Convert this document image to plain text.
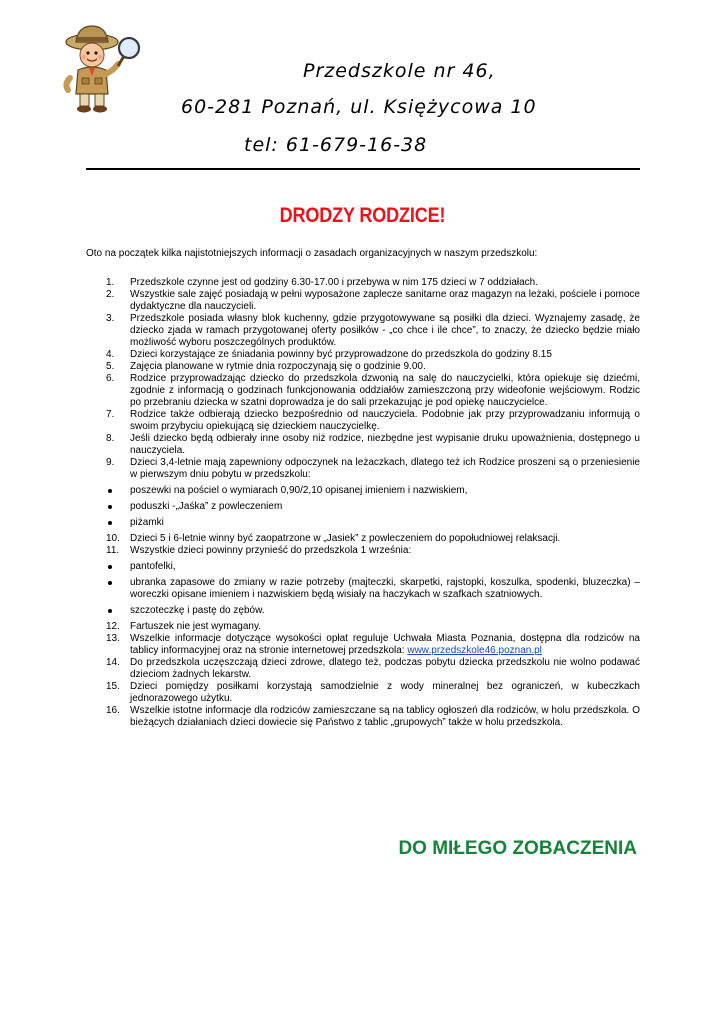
Przedszkole nr 46,
60-281 Poznań, ul. Księżycowa 10
tel: 61-679-16-38
DRODZY RODZICE!
Oto na początek kilka najistotniejszych informacji o zasadach organizacyjnych w naszym przedszkolu:

1. Przedszkole czynne jest od godziny 6.30-17.00 i przebywa w nim 175 dzieci w 7 oddziałach.

2. Wszystkie sale zajęć posiadają w pełni wyposażone zaplecze sanitarne oraz magazyn na leżaki, pościele i pomoce dydaktyczne dla nauczycieli.

3. Przedszkole posiada własny blok kuchenny, gdzie przygotowywane są posiłki dla dzieci. Wyznajemy zasadę, że dziecko zjada w ramach przygotowanej oferty posiłków - „co chce i ile chce”, to znaczy, że dziecko będzie miało możliwość wyboru poszczególnych produktów.

4. Dzieci korzystające ze śniadania powinny być przyprowadzone do przedszkola do godziny 8.15

5. Zajęcia planowane w rytmie dnia rozpoczynają się o godzinie 9.00.

6. Rodzice przyprowadzając dziecko do przedszkola dzwonią na salę do nauczycielki, która opiekuje się dziećmi, zgodnie z informacją o godzinach funkcjonowania oddziałów zamieszczoną przy wideofonie wejściowym. Rodzic po przebraniu dziecka w szatni doprowadza je do sali przekazując je pod opiekę nauczycielce.

7. Rodzice także odbierają dziecko bezpośrednio od nauczyciela. Podobnie jak przy przyprowadzaniu informują o swoim przybyciu opiekującą się dzieckiem nauczycielkę.

8. Jeśli dziecko będą odbierały inne osoby niż rodzice, niezbędne jest wypisanie druku upoważnienia, dostępnego u nauczyciela.

9. Dzieci 3,4-letnie mają zapewniony odpoczynek na leżaczkach, dlatego też ich Rodzice proszeni są o przeniesienie w pierwszym dniu pobytu w przedszkolu:

poszewki na pościel o wymiarach 0,90/2,10 opisanej imieniem i nazwiskiem,

poduszki -„Jaśka” z powleczeniem

piżamki

10. Dzieci 5 i 6-letnie winny być zaopatrzone w „Jasiek” z powleczeniem do popołudniowej relaksacji.

11. Wszystkie dzieci powinny przynieść do przedszkola 1 września:

pantofelki,

ubranka zapasowe do zmiany w razie potrzeby (majteczki, skarpetki, rajstopki, koszulka, spodenki, bluzeczka) – woreczki opisane imieniem i nazwiskiem będą wisiały na haczykach w szafkach szatniowych.

szczoteczkę i pastę do zębów.

12. Fartuszek nie jest wymagany.

13. Wszelkie informacje dotyczące wysokości opłat reguluje Uchwała Miasta Poznania, dostępna dla rodziców na tablicy informacyjnej oraz na stronie internetowej przedszkola: www.przedszkole46.poznan.pl

14. Do przedszkola uczęszczają dzieci zdrowe, dlatego też, podczas pobytu dziecka przedszkolu nie wolno podawać dzieciom żadnych lekarstw.

15. Dzieci pomiędzy posiłkami korzystają samodzielnie z wody mineralnej bez ograniczeń, w kubeczkach jednorazowego użytku.

16. Wszelkie istotne informacje dla rodziców zamieszczane są na tablicy ogłoszeń dla rodziców, w holu przedszkola. O bieżących działaniach dzieci dowiecie się Państwo z tablic „grupowych” także w holu przedszkola.

DO MIŁEGO ZOBACZENIA
